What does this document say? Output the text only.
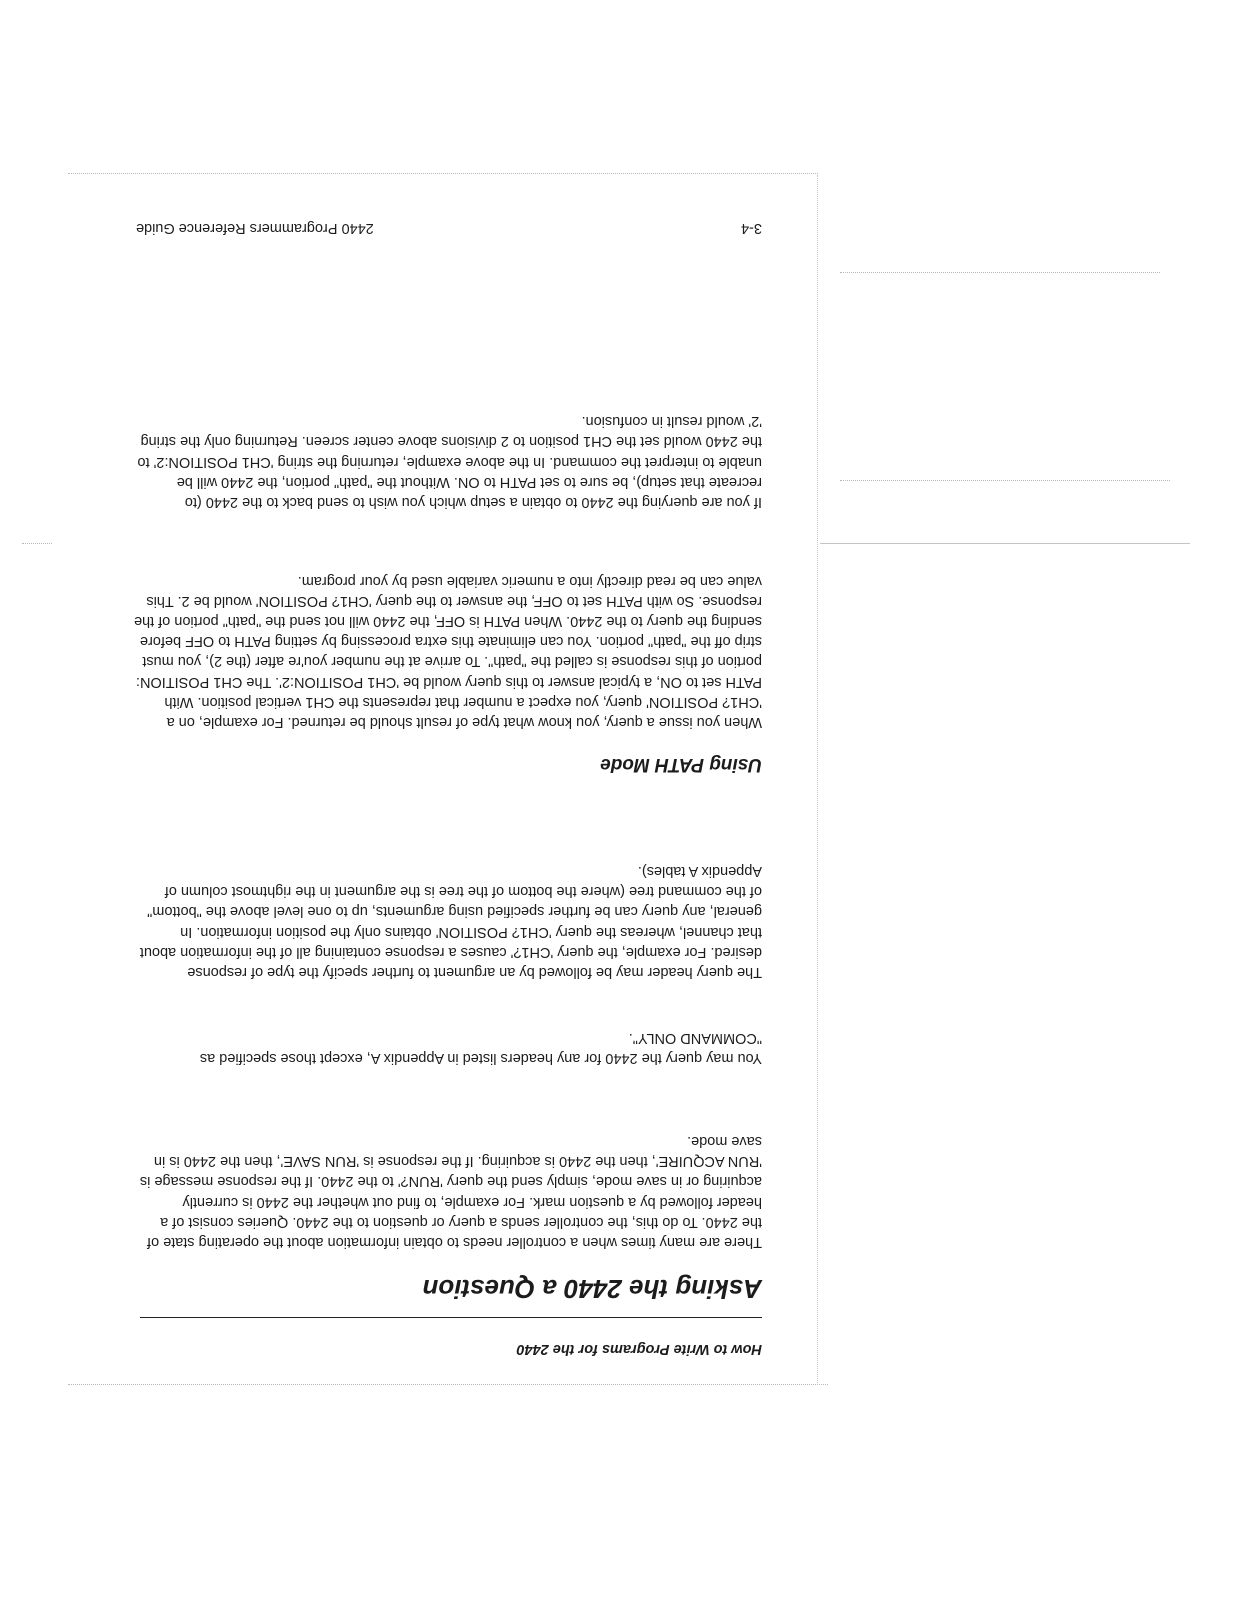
How to Write Programs for the 2440
Asking the 2440 a Question

There are many times when a controller needs to obtain information about the operating state of the 2440. To do this, the controller sends a query or question to the 2440. Queries consist of a header followed by a question mark. For example, to find out whether the 2440 is currently acquiring or in save mode, simply send the query 'RUN?' to the 2440. If the response message is 'RUN ACQUIRE', then the 2440 is acquiring. If the response is 'RUN SAVE', then the 2440 is in save mode.

You may query the 2440 for any headers listed in Appendix A, except those specified as "COMMAND ONLY".

The query header may be followed by an argument to further specify the type of response desired. For example, the query 'CH1?' causes a response containing all of the information about that channel, whereas the query 'CH1? POSITION' obtains only the position information. In general, any query can be further specified using arguments, up to one level above the "bottom" of the command tree (where the bottom of the tree is the argument in the rightmost column of Appendix A tables).

Using PATH Mode

When you issue a query, you know what type of result should be returned. For example, on a 'CH1? POSITION' query, you expect a number that represents the CH1 vertical position. With PATH set to ON, a typical answer to this query would be 'CH1 POSITION:2'. The CH1 POSITION: portion of this response is called the "path". To arrive at the number you're after (the 2), you must strip off the "path" portion. You can eliminate this extra processing by setting PATH to OFF before sending the query to the 2440. When PATH is OFF, the 2440 will not send the "path" portion of the response. So with PATH set to OFF, the answer to the query 'CH1? POSITION' would be 2. This value can be read directly into a numeric variable used by your program.

If you are querying the 2440 to obtain a setup which you wish to send back to the 2440 (to recreate that setup), be sure to set PATH to ON. Without the "path" portion, the 2440 will be unable to interpret the command. In the above example, returning the string 'CH1 POSITION:2' to the 2440 would set the CH1 position to 2 divisions above center screen. Returning only the string '2' would result in confusion.

3-4
2440 Programmers Reference Guide
